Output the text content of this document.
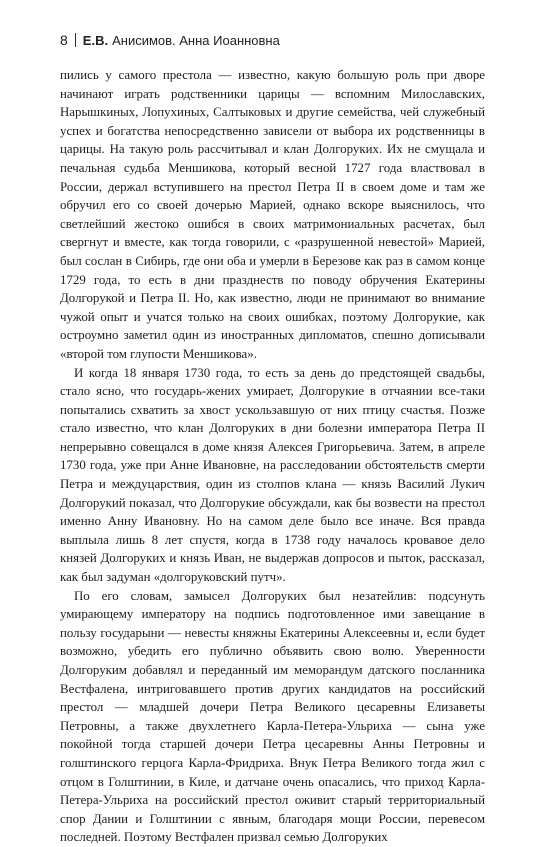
8	Е.В. Анисимов. Анна Иоанновна

пились у самого престола — известно, какую большую роль при дворе начинают играть родственники царицы — вспомним Милославских, Нарышкиных, Лопухиных, Салтыковых и другие семейства, чей служебный успех и богатства непосредственно зависели от выбора их родственницы в царицы. На такую роль рассчитывал и клан Долгоруких. Их не смущала и печальная судьба Меншикова, который весной 1727 года властвовал в России, держал вступившего на престол Петра II в своем доме и там же обручил его со своей дочерью Марией, однако вскоре выяснилось, что светлейший жестоко ошибся в своих матримониальных расчетах, был свергнут и вместе, как тогда говорили, с «разрушенной невестой» Марией, был сослан в Сибирь, где они оба и умерли в Березове как раз в самом конце 1729 года, то есть в дни празднеств по поводу обручения Екатерины Долгорукой и Петра II. Но, как известно, люди не принимают во внимание чужой опыт и учатся только на своих ошибках, поэтому Долгорукие, как остроумно заметил один из иностранных дипломатов, спешно дописывали «второй том глупости Меншикова».

И когда 18 января 1730 года, то есть за день до предстоящей свадьбы, стало ясно, что государь-жених умирает, Долгорукие в отчаянии все-таки попытались схватить за хвост ускользавшую от них птицу счастья. Позже стало известно, что клан Долгоруких в дни болезни императора Петра II непрерывно совещался в доме князя Алексея Григорьевича. Затем, в апреле 1730 года, уже при Анне Ивановне, на расследовании обстоятельств смерти Петра и междуцарствия, один из столпов клана — князь Василий Лукич Долгорукий показал, что Долгорукие обсуждали, как бы возвести на престол именно Анну Ивановну. Но на самом деле было все иначе. Вся правда выплыла лишь 8 лет спустя, когда в 1738 году началось кровавое дело князей Долгоруких и князь Иван, не выдержав допросов и пыток, рассказал, как был задуман «долгоруковский путч».

По его словам, замысел Долгоруких был незатейлив: подсунуть умирающему императору на подпись подготовленное ими завещание в пользу государыни — невесты княжны Екатерины Алексеевны и, если будет возможно, убедить его публично объявить свою волю. Уверенности Долгоруким добавлял и переданный им меморандум датского посланника Вестфалена, интриговавшего против других кандидатов на российский престол — младшей дочери Петра Великого цесаревны Елизаветы Петровны, а также двухлетнего Карла-Петера-Ульриха — сына уже покойной тогда старшей дочери Петра цесаревны Анны Петровны и голштинского герцога Карла-Фридриха. Внук Петра Великого тогда жил с отцом в Голштинии, в Киле, и датчане очень опасались, что приход Карла-Петера-Ульриха на российский престол оживит старый территориальный спор Дании и Голштинии с явным, благодаря мощи России, перевесом последней. Поэтому Вестфален призвал семью Долгоруких
